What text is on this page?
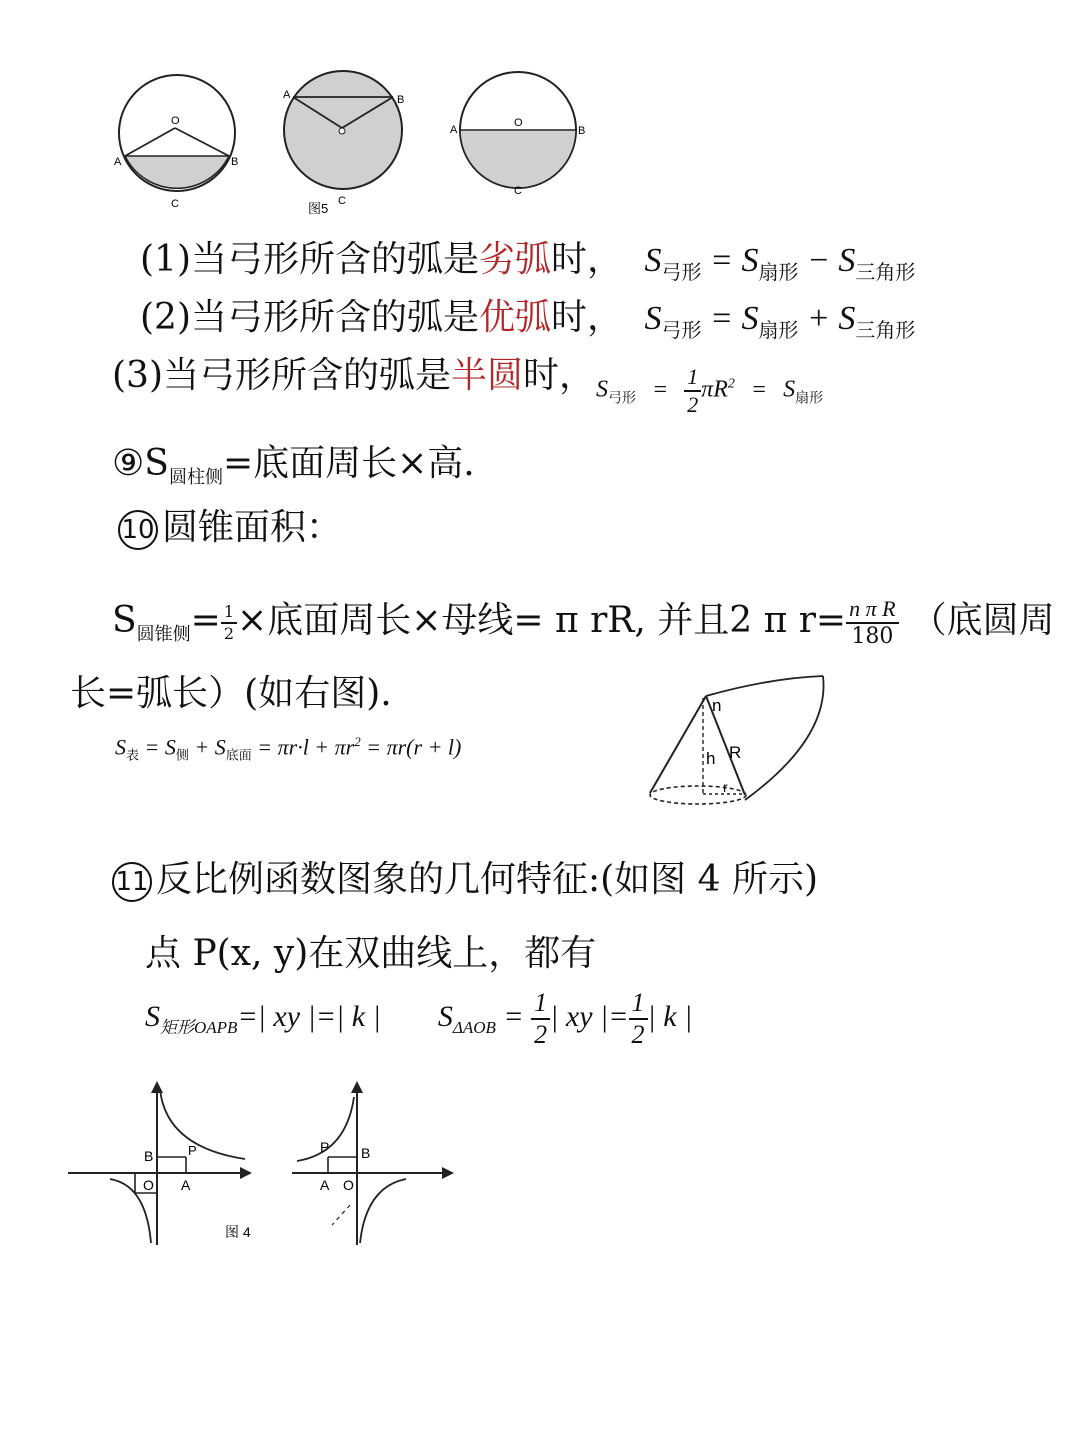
O
A	B
C
A	B
C
O
A	B
C
图5
(1)当弓形所含的弧是劣弧时， $S_{弓形} = S_{扇形} - S_{三角形}$
(2)当弓形所含的弧是优弧时， $S_{弓形} = S_{扇形} + S_{三角形}$
(3)当弓形所含的弧是半圆时， $S_{弓形} = \frac{1}{2} \pi R^2 = S_{扇形}$
$⑨S_{圆柱侧}=$底面周长×高.
10 圆锥面积：
$S_{圆锥侧}= \frac{1}{2}$ ×底面周长×母线= π rR, 并且2 π $r= \frac{\text{n π R}}{180}$ （底圆周
长=弧长）(如右图).
$S_表 = S_侧 + S_{底面} = \pi r\cdot l + \pi r^2 = \pi r(r + l)$
n
h R
r
11 反比例函数图象的几何特征:(如图 4 所示)
点 P(x, y)在双曲线上，都有
$S_{矩形OAPB}=|$ xy |=| k | $S_{\Delta AOB} = \frac{1}{2}$ | xy |= $\frac{1}{2}$ | k |
B	P
O A
图 4
P B
A O
